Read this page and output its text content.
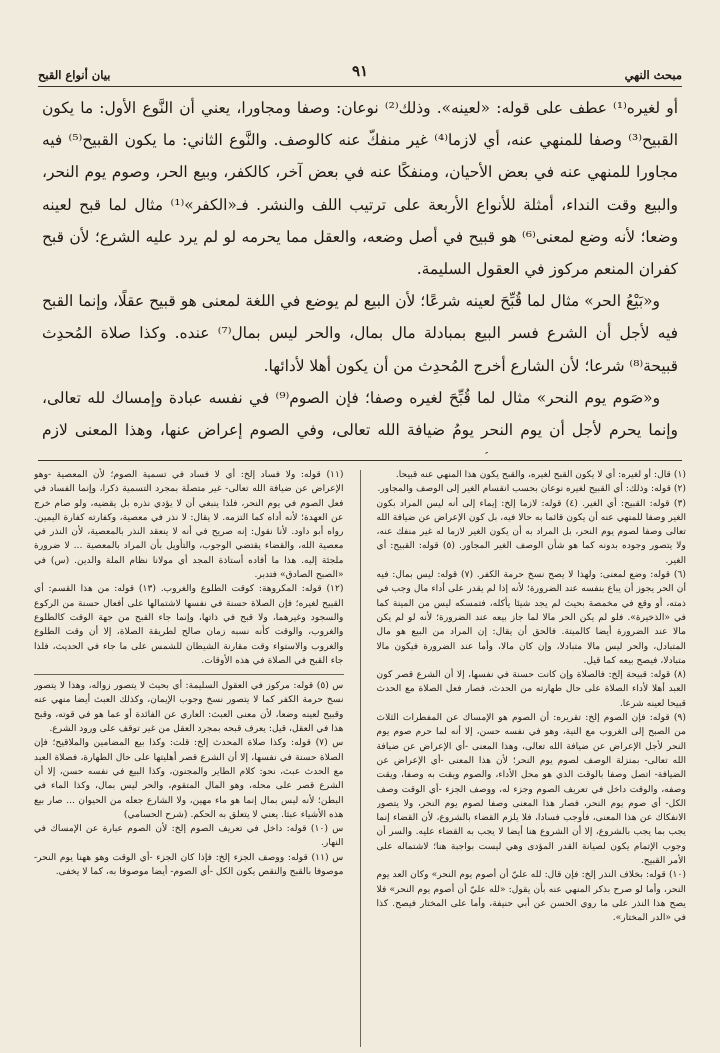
مبحث النهي
٩١
بيان أنواع القبح

أو لغيره⁽¹⁾ عطف على قوله: «لعينه». وذلك⁽²⁾ نوعان: وصفا ومجاورا، يعني أن النَّوع الأول: ما يكون القبيح⁽³⁾ وصفا للمنهي عنه، أي لازما⁽⁴⁾ غير منفكّ عنه كالوصف. والنَّوع الثاني: ما يكون القبيح⁽⁵⁾ فيه مجاورا للمنهي عنه في بعض الأحيان، ومنفكًا عنه في بعض آخر، كالكفر، وبيع الحر، وصوم يوم النحر، والبيع وقت النداء، أمثلة للأنواع الأربعة على ترتيب اللف والنشر. فـ«الكفر»⁽¹⁾ مثال لما قبح لعينه وضعا؛ لأنه وضع لمعنى⁽⁶⁾ هو قبيح في أصل وضعه، والعقل مما يحرمه لو لم يرد عليه الشرع؛ لأن قبح كفران المنعم مركوز في العقول السليمة.

و«بَيْعُ الحر» مثال لما قُبِّحَ لعينه شرعًا؛ لأن البيع لم يوضع في اللغة لمعنى هو قبيح عقلًا، وإنما القبح فيه لأجل أن الشرع فسر البيع بمبادلة مال بمال، والحر ليس بمال⁽⁷⁾ عنده. وكذا صلاة المُحدِث قبيحة⁽⁸⁾ شرعا؛ لأن الشارع أخرج المُحدِث من أن يكون أهلا لأدائها.

و«صَوم يوم النحر» مثال لما قُبِّحَ لغيره وصفا؛ فإن الصوم⁽⁹⁾ في نفسه عبادة وإمساك لله تعالى، وإنما يحرم لأجل أن يوم النحر يومُ ضيافة الله تعالى، وفي الصوم إعراض عنها، وهذا المعنى لازم

(١) قال: أو لغيره: أي لا يكون القبح لغيره، والقبح يكون هذا المنهي عنه قبيحا.

(٢) قوله: وذلك: أي القبيح لغيره نوعان بحسب انقسام الغير إلى الوصف والمجاور.

(٣) قوله: القبيح: أي الغير. (٤) قوله: لازما إلخ: إيماء إلى أنه ليس المراد بكون الغير وصفا للمنهي عنه أن يكون قائما به حالا فيه، بل كون الإعراض عن ضيافة الله تعالى وصفا لصوم يوم النحر، بل المراد به أن يكون الغير لازما له غير منفك عنه، ولا يتصور وجوده بدونه كما هو شأن الوصف الغير المجاور. (٥) قوله: القبيح: أي الغير.

(٦) قوله: وضع لمعنى: ولهذا لا يصح نسخ حرمة الكفر. (٧) قوله: ليس بمال: فيه أن الحر يجوز أن يباع بنفسه عند الضرورة؛ لأنه إذا لم يقدر على أداء مال وجب في ذمته، أو وقع في مخمصة بحيث لم يجد شيئا يأكله، فتمسكه ليس من المينة كما في «الذخيرة». فلو لم يكن الحر مالا لما جاز بيعه عند الضرورة؛ لأنه لو لم يكن مالا عند الضرورة أيضا كالميتة. فالحق أن يقال: إن المراد من البيع هو مال المتبادل، والحر ليس مالا متبادلا، وإن كان مالا، وأما عند الضرورة فيكون مالا متبادلا، فيصح بيعه كما قيل.

(٨) قوله: قبيحة إلخ: فالصلاة وإن كانت حسنة في نفسها، إلا أن الشرع قصر كون العبد أهلا لأداء الصلاة على حال طهارته من الحدث، فصار فعل الصلاة مع الحدث قبيحا لعينه شرعا.

(٩) قوله: فإن الصوم إلخ: تقريره: أن الصوم هو الإمساك عن المفطرات الثلاث من الصبح إلى الغروب مع النية، وهو في نفسه حسن، إلا أنه لما حرم صوم يوم النحر لأجل الإعراض عن ضيافة الله تعالى، وهذا المعنى -أي الإعراض عن ضيافة الله تعالى- بمنزلة الوصف لصوم يوم النحر؛ لأن هذا المعنى -أي الإعراض عن الضيافة- اتصل وصفا بالوقت الذي هو محل الأداء، والصوم ويقت به وصفا، ويقت وصفه، والوقت داخل في تعريف الصوم وجزء له، ووصف الجزء -أي الوقت وصف الكل- أي صوم يوم النحر، فصار هذا المعنى وصفا لصوم يوم النحر، ولا يتصور الانفكاك عن هذا المعنى، فأوجب فسادا، فلا يلزم القضاء بالشروع، لأن القضاء إنما يجب بما يجب بالشروع، إلا أن الشروع هنا أيضا لا يجب به القضاء عليه. والسر أن وجوب الإتمام يكون لصيانة القدر المؤدى وهي ليست بواجبة هنا؛ لاشتماله على الأمر القبيح.

(١٠) قوله: بخلاف النذر إلخ: فإن قال: لله عليّ أن أصوم يوم النحر» وكان العد يوم النحر، وأما لو صرح بذكر المنهي عنه بأن يقول: «لله عليّ أن أصوم يوم النحر» فلا يصح هذا النذر على ما روي الحسن عن أبي حنيفة، وأما على المختار فيصح. كذا في «الدر المختار».

(١١) قوله: ولا فساد إلخ: أي لا فساد في تسمية الصوم؛ لأن المعصية -وهو الإعراض عن ضيافة الله تعالى- غير متصلة بمجرد التسمية ذكرا، وإنما الفساد في فعل الصوم في يوم النحر، فلذا ينبغي أن لا يؤدي نذره بل يقضيه، ولو صام خرج عن العهدة؛ لأنه أداه كما التزمه. لا يقال: لا نذر في معصية، وكفارته كفارة اليمين. رواه أبو داود. لأنا نقول: إنه صريح في أنه لا ينعقد النذر بالمعصية، لأن النذر في معصية الله، والقضاء يقتضي الوجوب، والتأويل بأن المراد بالمعصية ... لا ضرورة ملجئة إليه. هذا ما أفاده أستاذة المجد أي مولانا نظام الملة والدين. (س) في «الصبح الصادق» فتدبر.

(١٢) قوله: المكروهة: كوقت الطلوع والغروب. (١٣) قوله: من هذا القسم: أي القبيح لغيره؛ فإن الصلاة حسنة في نفسها لاشتمالها على أفعال حسنة من الركوع والسجود وغيرهما، ولا قبح في ذاتها، وإنما جاء القبح من جهة الوقت كالطلوع والغروب، والوقت كأنه نسبه زمان صالح لطريقة الصلاة، إلا أن وقت الطلوع والغروب والاستواء وقت مقارنة الشيطان للشمس على ما جاء في الحديث، فلذا جاء القبح في الصلاة في هذه الأوقات.

س (٥) قوله: مركوز في العقول السليمة: أي بحيث لا يتصور زواله، وهذا لا يتصور نسخ حرمة الكفر كما لا يتصور نسخ وجوب الإيمان، وكذلك العبث أيضا منهي عنه وقبيح لعينه وضعا، لأن معنى العبث: العاري عن الفائدة أو عما هو في قوته، وقبح هذا في العقل، قيل: يعرف قبحه بمجرد العقل من غير توقف على ورود الشرع.

س (٧) قوله: وكذا صلاة المحدث إلخ: قلت: وكذا بيع المضامين والملاقيح؛ فإن الصلاة حسنة في نفسها، إلا أن الشرع قصر أهليتها على حال الطهارة، فصلاة العبد مع الحدث عبث، نحو: كلام الطاير والمجنون، وكذا البيع في نفسه حسن، إلا أن الشرع قصر على محله، وهو المال المتقوم، والحر ليس بمال، وكذا الماء في البطن؛ لأنه ليس بمال إنما هو ماء مهين، ولا الشارع جعله من الحيوان ... صار بيع هذه الأشياء عبثا. يعني لا يتعلق به الحكم. (شرح الحسامي)

س (١٠) قوله: داخل في تعريف الصوم إلخ: لأن الصوم عبارة عن الإمساك في النهار.

س (١١) قوله: ووصف الجزء إلخ: فإذا كان الجزء -أي الوقت وهو ههنا يوم النحر- موصوفا بالقبح والنقص يكون الكل -أي الصوم- أيضا موصوفا به، كما لا يخفى.
